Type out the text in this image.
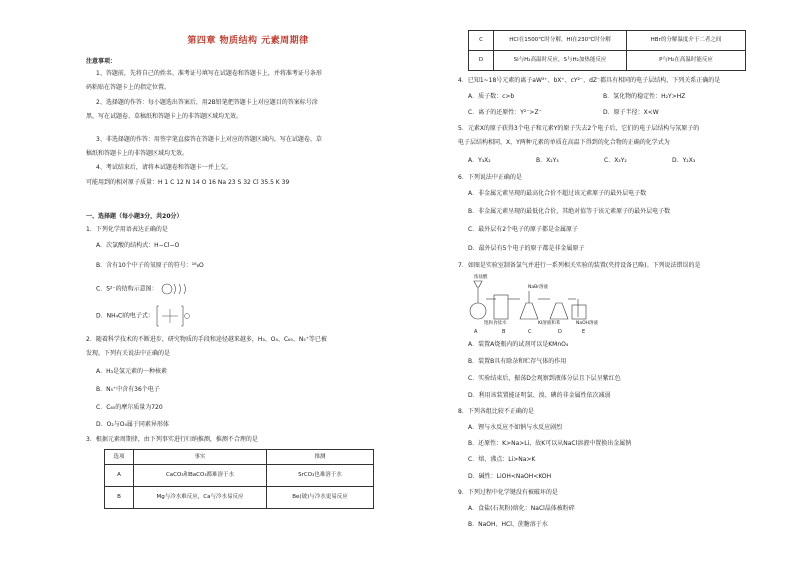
第四章 物质结构 元素周期律
注意事项：
1、答题前，先将自己的姓名、准考证号填写在试题卷和答题卡上，并将准考证号条形
码粘贴在答题卡上的指定位置。
2、选择题的作答：每小题选出答案后，用2B铅笔把答题卡上对应题目的答案标号涂
黑，写在试题卷、草稿纸和答题卡上的非答题区域均无效。
3、非选择题的作答：用签字笔直接答在答题卡上对应的答题区域内。写在试题卷、草
稿纸和答题卡上的非答题区域均无效。
4、考试结束后，请将本试题卷和答题卡一并上交。
可能用到的相对原子质量：H 1 C 12 N 14 O 16 Na 23 S 32 Cl 35.5 K 39
一、选择题（每小题3分，共20分）
1．下列化学用语表达正确的是
A．次氯酸的结构式：H−Cl−O
B．含有10个中子的氧原子的符号：¹⁸₈O
C．S²⁻的结构示意图：
D．NH₄Cl的电子式：
2．随着科学技术的不断进步，研究物质的手段和途径越来越多，H₃、O₄、C₆₀、N₅⁺等已被
发现。下列有关说法中正确的是
A．H₃是氢元素的一种核素
B．N₅⁺中含有36个电子
C．C₆₀的摩尔质量为720
D．O₂与O₄属于同素异形体
3．根据元素周期律，由下列事实进行归纳推测，推测不合理的是
选项	事实	推测
A	CaCO₃和BaCO₃都难溶于水	SrCO₃也难溶于水
B	Mg与冷水难反应，Ca与冷水易反应	Be(铍)与冷水更易反应
C	HCl在1500℃时分解，HI在230℃时分解	HBr的分解温度介于二者之间
D	Si与H₂高温时反应，S与H₂加热能反应	P与H₂在高温时能反应
4．已知1~18号元素的离子aW³⁺、bX⁺、cY²⁻、dZ⁻都具有相同的电子层结构，下列关系正确的是
A．质子数：c>b	B．氢化物的稳定性：H₂Y>HZ
C．离子的还原性：Y²⁻>Z⁻	D．原子半径：X<W
5．元素X的原子获得3个电子和元素Y的原子失去2个电子后，它们的电子层结构与氖原子的
电子层结构相同，X、Y两种元素的单质在高温下得到的化合物的正确的化学式为
A．Y₃X₂	B．X₂Y₃	C．X₃Y₂	D．Y₂X₃
6．下列说法中正确的是
A．非金属元素呈现的最高化合价不超过该元素原子的最外层电子数
B．非金属元素呈现的最低化合价，其绝对值等于该元素原子的最外层电子数
C．最外层有2个电子的原子都是金属原子
D．最外层有5个电子的原子都是非金属原子
7．如图是实验室制备氯气并进行一系列相关实验的装置(夹持设备已略)。下列说法错误的是
浓盐酸
NaBr溶液
饱和食盐水	KI溶液和苯	NaOH溶液
A	B	C	D	E
A．装置A烧瓶内的试剂可以是KMnO₄
B．装置B具有除杂和贮存气体的作用
C．实验结束后，振荡D会观察到液体分层且下层呈紫红色
D．利用该装置能证明氯、溴、碘的非金属性依次减弱
8．下列各组比较不正确的是
A．锂与水反应不如钠与水反应剧烈
B．还原性：K>Na>Li，故K可以从NaCl溶液中置换出金属钠
C．熔、沸点：Li>Na>K
D．碱性：LiOH<NaOH<KOH
9．下列过程中化学键没有被破坏的是
A．食盐(石灰粉)熔化：NaCl晶体被粉碎
B．NaOH、HCl、蔗糖溶于水
